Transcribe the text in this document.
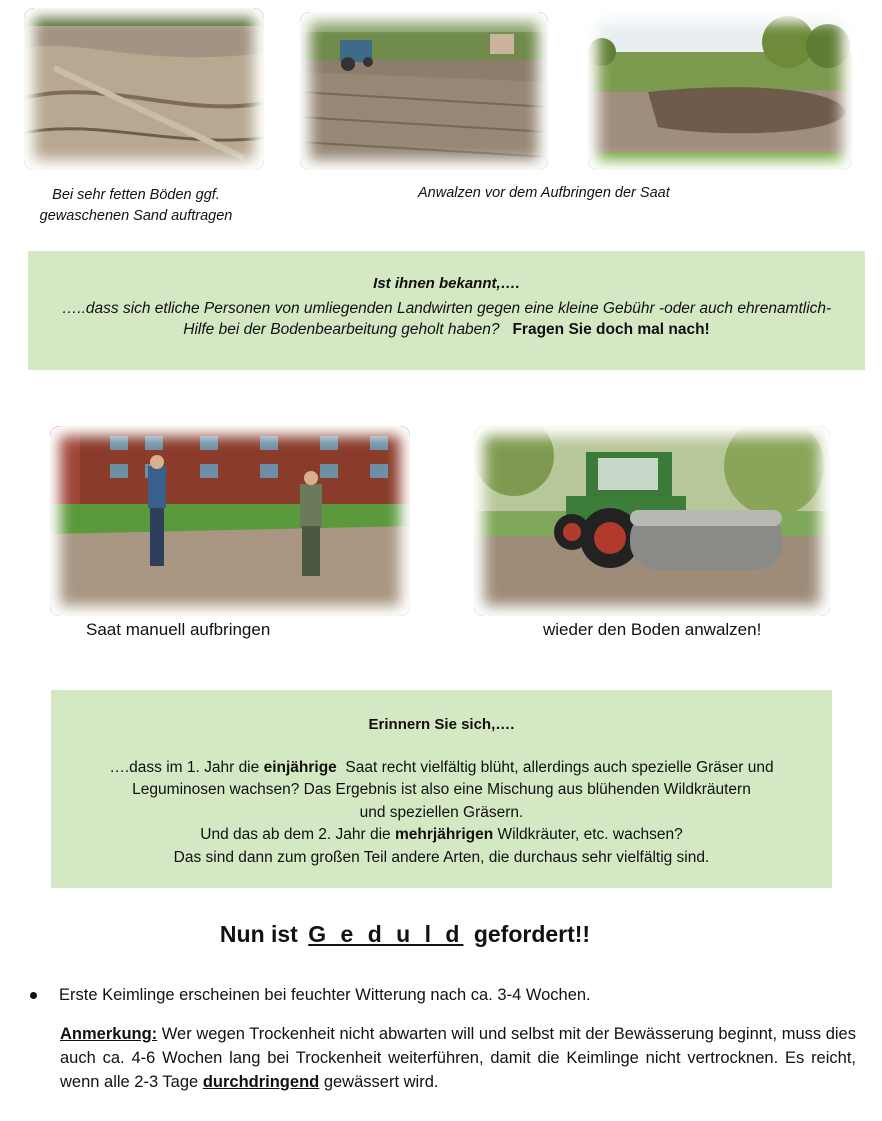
Bei sehr fetten Böden ggf.
gewaschenen Sand auftragen
Anwalzen vor dem Aufbringen der Saat
Ist ihnen bekannt,….
…..dass sich etliche Personen von umliegenden Landwirten gegen eine kleine Gebühr -oder auch ehrenamtlich-
Hilfe bei der Bodenbearbeitung geholt haben? Fragen Sie doch mal nach!
Saat manuell aufbringen	wieder den Boden anwalzen!
Erinnern Sie sich,….
….dass im 1. Jahr die einjährige Saat recht vielfältig blüht, allerdings auch spezielle Gräser und
Leguminosen wachsen? Das Ergebnis ist also eine Mischung aus blühenden Wildkräutern
und speziellen Gräsern.
Und das ab dem 2. Jahr die mehrjährigen Wildkräuter, etc. wachsen?
Das sind dann zum großen Teil andere Arten, die durchaus sehr vielfältig sind.
Nun ist G e d u l d gefordert!!
Erste Keimlinge erscheinen bei feuchter Witterung nach ca. 3-4 Wochen.
Anmerkung: Wer wegen Trockenheit nicht abwarten will und selbst mit der Bewässerung beginnt, muss dies auch ca. 4-6 Wochen lang bei Trockenheit weiterführen, damit die Keimlinge nicht vertrocknen. Es reicht, wenn alle 2-3 Tage durchdringend gewässert wird.
